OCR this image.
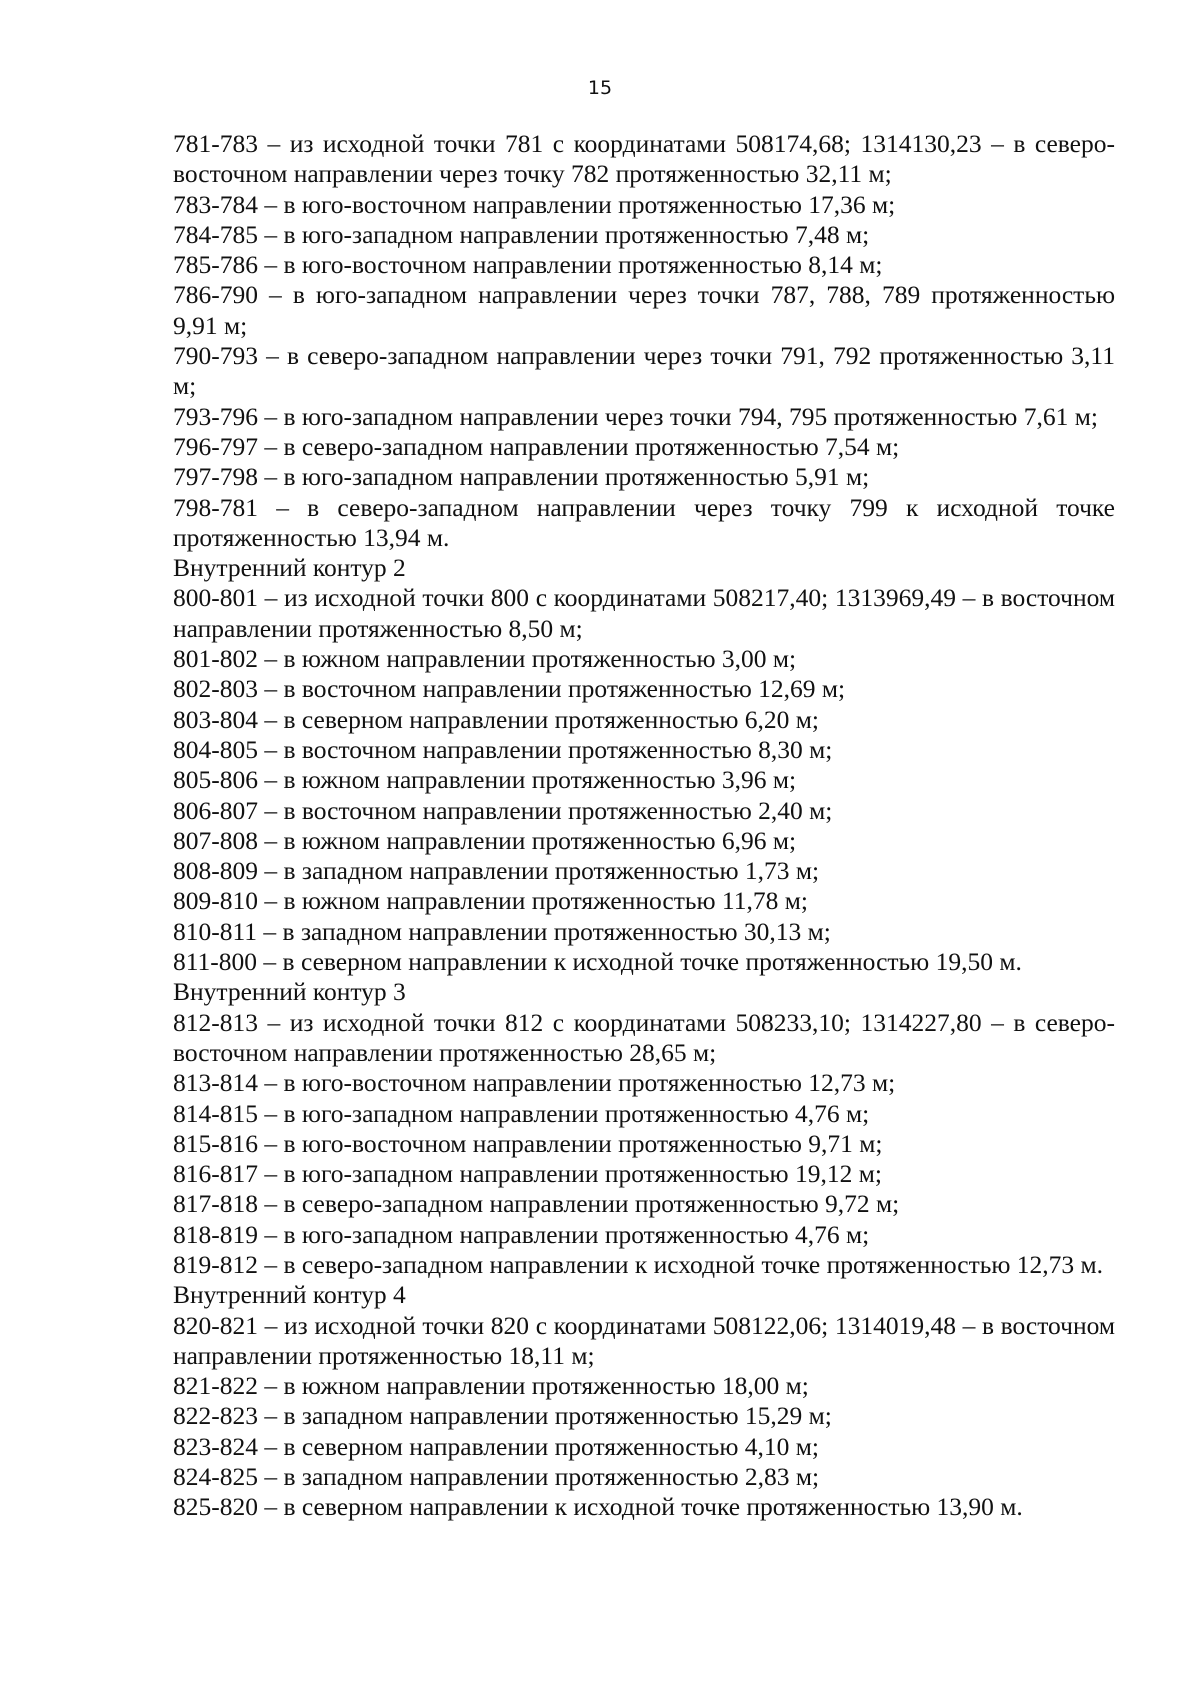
15

781-783 – из исходной точки 781 с координатами 508174,68; 1314130,23 – в северо-восточном направлении через точку 782 протяженностью 32,11 м;

783-784 – в юго-восточном направлении протяженностью 17,36 м;

784-785 – в юго-западном направлении протяженностью 7,48 м;

785-786 – в юго-восточном направлении протяженностью 8,14 м;

786-790 – в юго-западном направлении через точки 787, 788, 789 протяженностью 9,91 м;

790-793 – в северо-западном направлении через точки 791, 792 протяженностью 3,11 м;

793-796 – в юго-западном направлении через точки 794, 795 протяженностью 7,61 м;

796-797 – в северо-западном направлении протяженностью 7,54 м;

797-798 – в юго-западном направлении протяженностью 5,91 м;

798-781 – в северо-западном направлении через точку 799 к исходной точке протяженностью 13,94 м.

Внутренний контур 2

800-801 – из исходной точки 800 с координатами 508217,40; 1313969,49 – в восточном направлении протяженностью 8,50 м;

801-802 – в южном направлении протяженностью 3,00 м;

802-803 – в восточном направлении протяженностью 12,69 м;

803-804 – в северном направлении протяженностью 6,20 м;

804-805 – в восточном направлении протяженностью 8,30 м;

805-806 – в южном направлении протяженностью 3,96 м;

806-807 – в восточном направлении протяженностью 2,40 м;

807-808 – в южном направлении протяженностью 6,96 м;

808-809 – в западном направлении протяженностью 1,73 м;

809-810 – в южном направлении протяженностью 11,78 м;

810-811 – в западном направлении протяженностью 30,13 м;

811-800 – в северном направлении к исходной точке протяженностью 19,50 м.

Внутренний контур 3

812-813 – из исходной точки 812 с координатами 508233,10; 1314227,80 – в северо-восточном направлении протяженностью 28,65 м;

813-814 – в юго-восточном направлении протяженностью 12,73 м;

814-815 – в юго-западном направлении протяженностью 4,76 м;

815-816 – в юго-восточном направлении протяженностью 9,71 м;

816-817 – в юго-западном направлении протяженностью 19,12 м;

817-818 – в северо-западном направлении протяженностью 9,72 м;

818-819 – в юго-западном направлении протяженностью 4,76 м;

819-812 – в северо-западном направлении к исходной точке протяженностью 12,73 м.

Внутренний контур 4

820-821 – из исходной точки 820 с координатами 508122,06; 1314019,48 – в восточном направлении протяженностью 18,11 м;

821-822 – в южном направлении протяженностью 18,00 м;

822-823 – в западном направлении протяженностью 15,29 м;

823-824 – в северном направлении протяженностью 4,10 м;

824-825 – в западном направлении протяженностью 2,83 м;

825-820 – в северном направлении к исходной точке протяженностью 13,90 м.
